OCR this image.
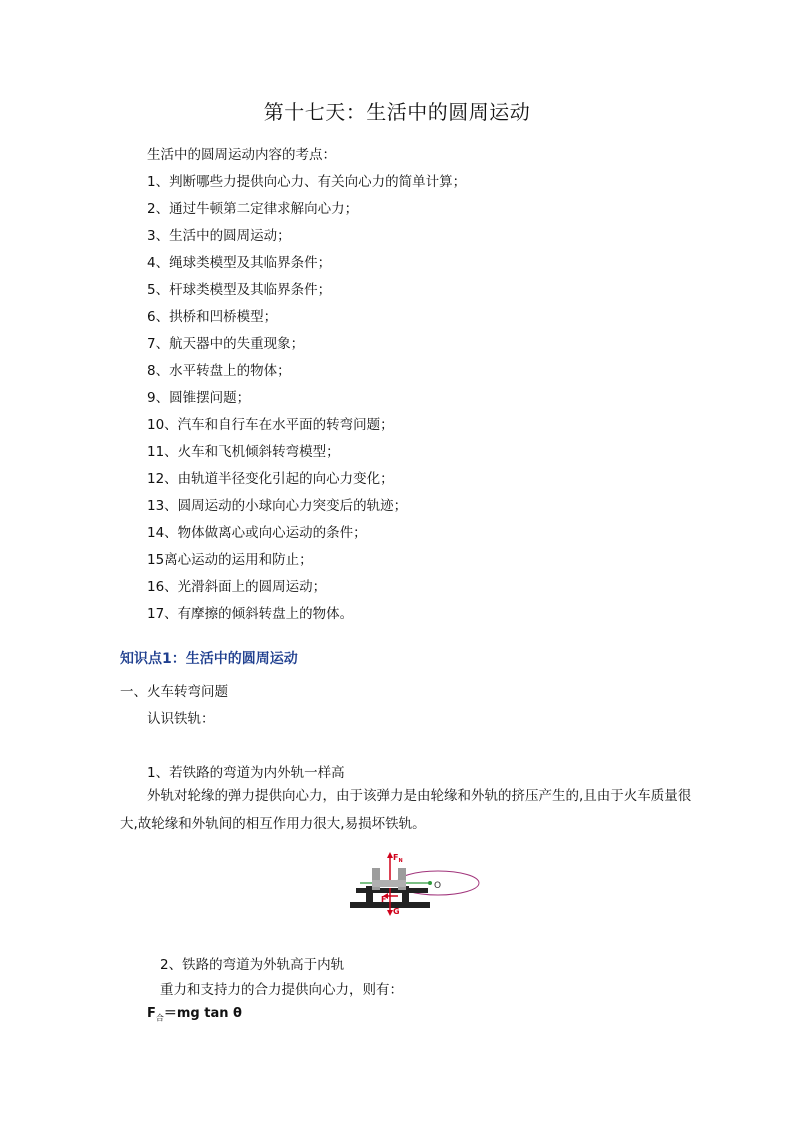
第十七天：生活中的圆周运动
生活中的圆周运动内容的考点：
1、判断哪些力提供向心力、有关向心力的简单计算；
2、通过牛顿第二定律求解向心力；
3、生活中的圆周运动；
4、绳球类模型及其临界条件；
5、杆球类模型及其临界条件；
6、拱桥和凹桥模型；
7、航天器中的失重现象；
8、水平转盘上的物体；
9、圆锥摆问题；
10、汽车和自行车在水平面的转弯问题；
11、火车和飞机倾斜转弯模型；
12、由轨道半径变化引起的向心力变化；
13、圆周运动的小球向心力突变后的轨迹；
14、物体做离心或向心运动的条件；
15离心运动的运用和防止；
16、光滑斜面上的圆周运动；
17、有摩擦的倾斜转盘上的物体。
知识点1：生活中的圆周运动
一、火车转弯问题
认识铁轨：
1、若铁路的弯道为内外轨一样高
外轨对轮缘的弹力提供向心力，由于该弹力是由轮缘和外轨的挤压产生的,且由于火车质量很大,故轮缘和外轨间的相互作用力很大,易损坏铁轨。
O
$F_N$
G
F
2、铁路的弯道为外轨高于内轨
重力和支持力的合力提供向心力，则有：
$F_合=mg$ tan θ
